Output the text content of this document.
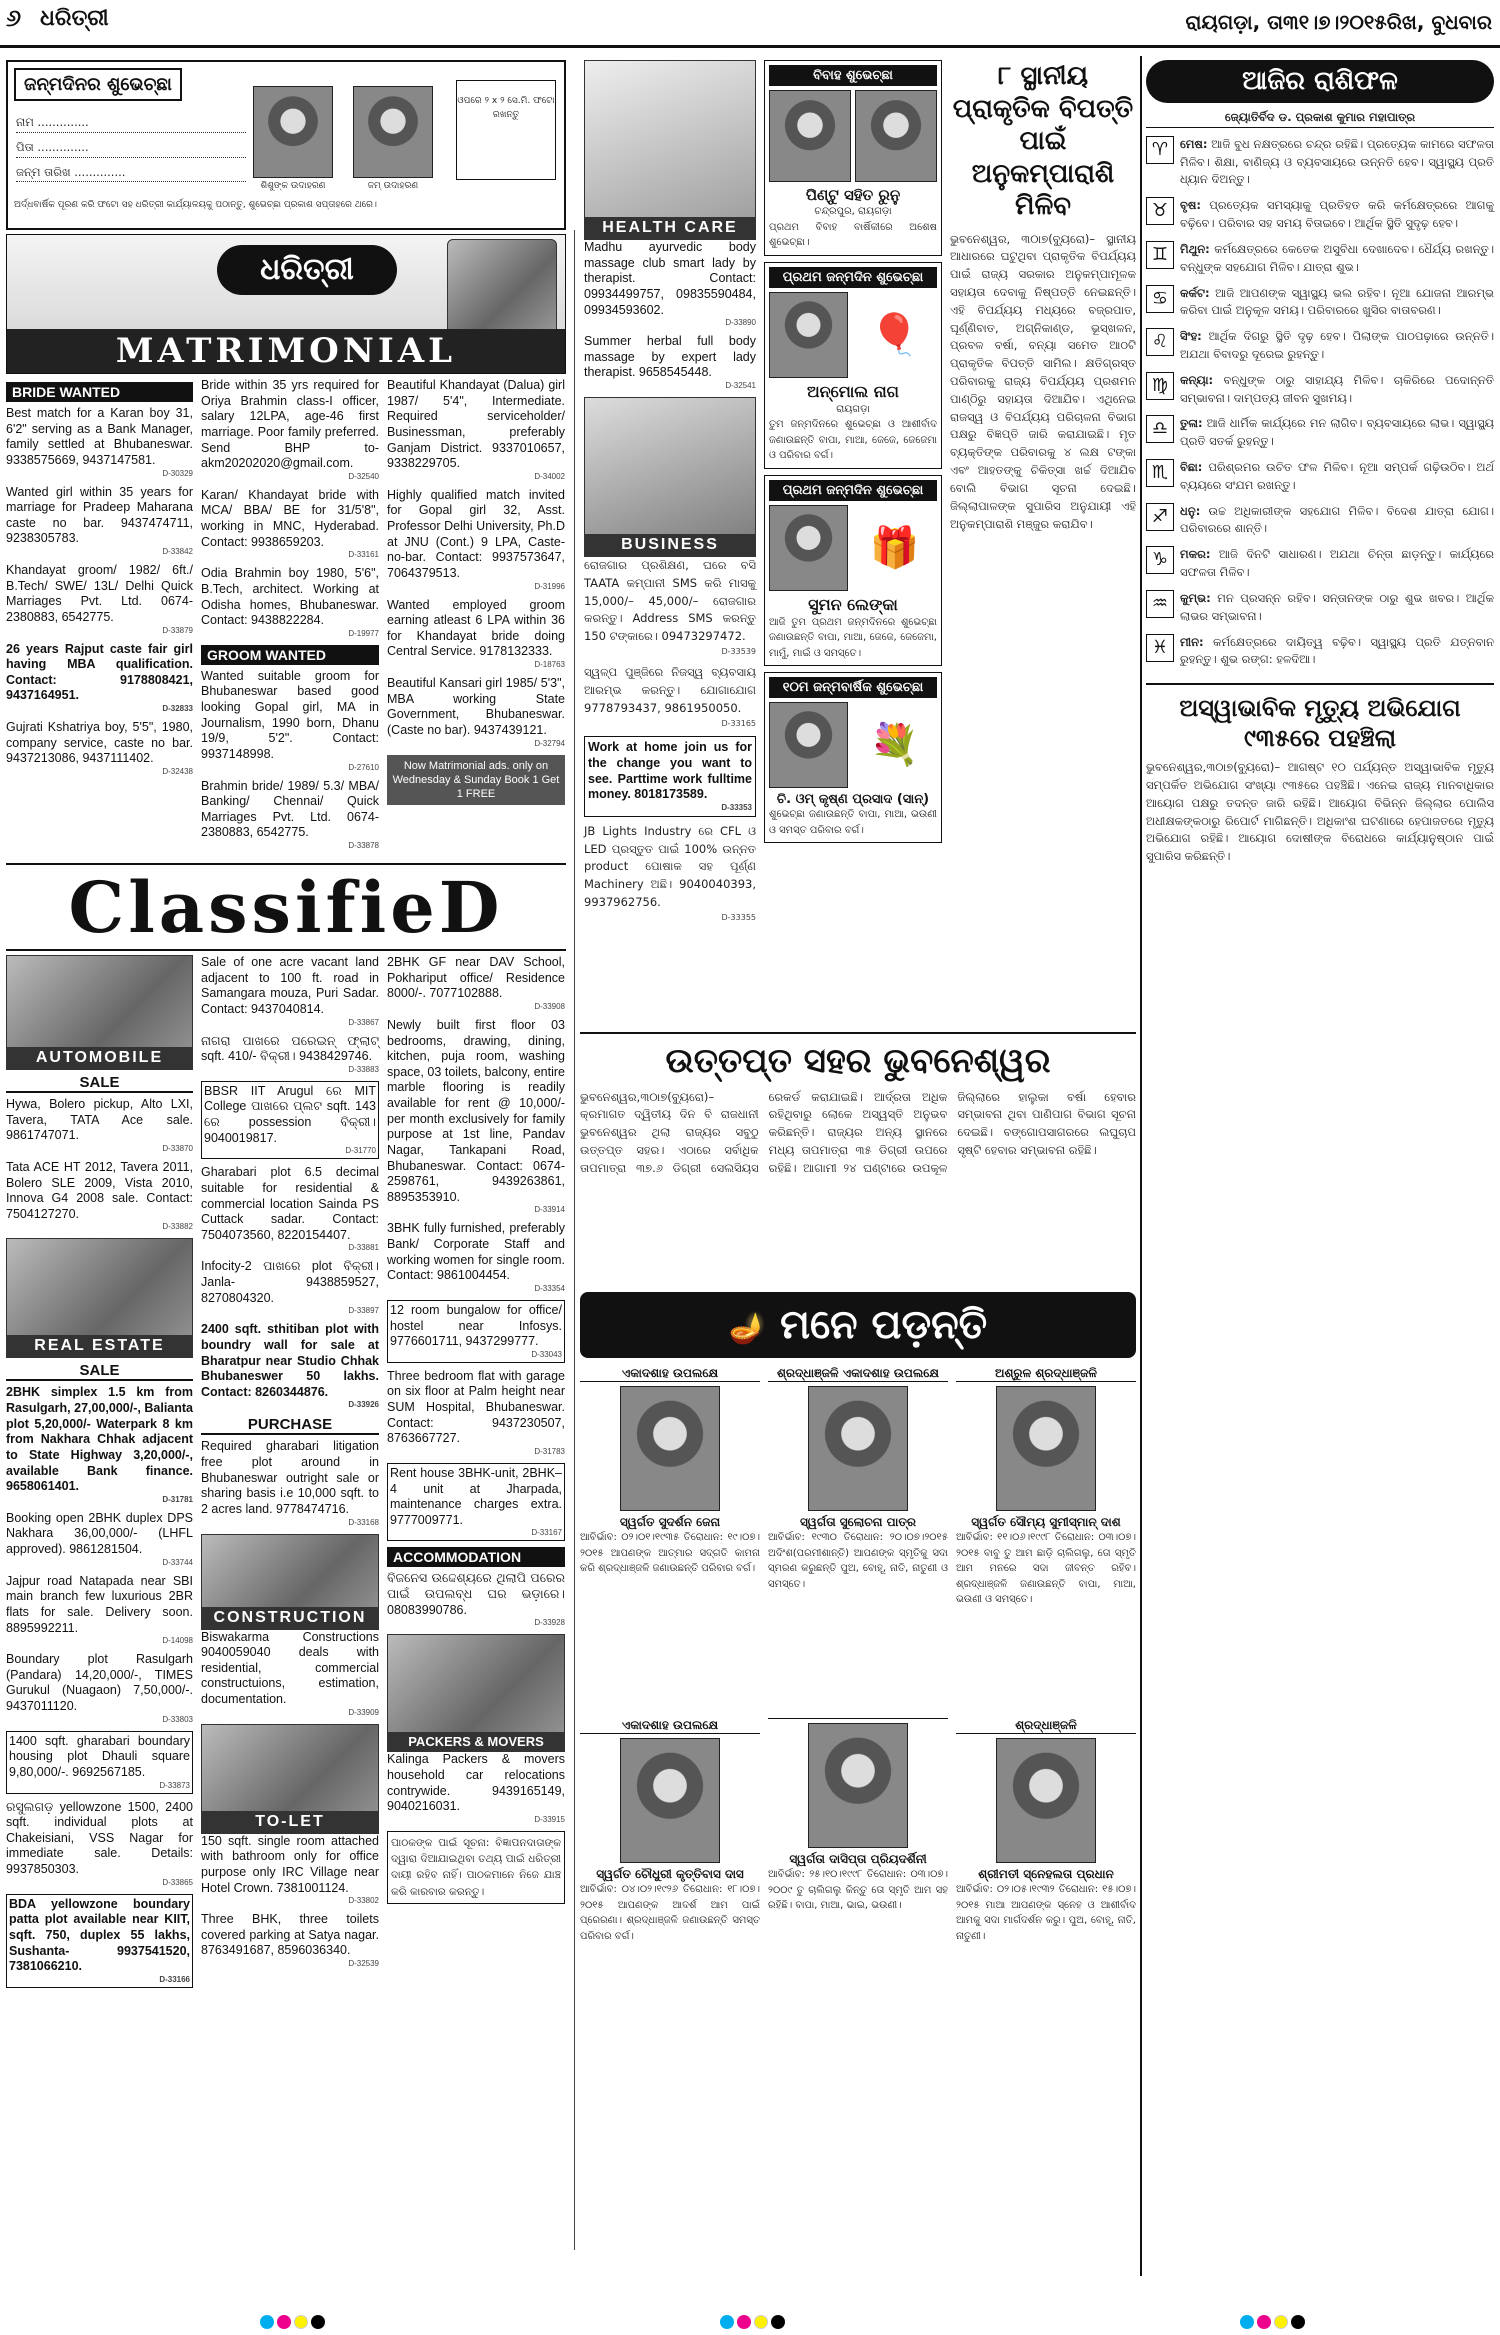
୬ ଧରିତ୍ରୀ	ରାୟଗଡ଼ା, ତା୩୧।୭।୨୦୧୫ରିଖ, ବୁଧବାର
ଜନ୍ମଦିନର ଶୁଭେଚ୍ଛା
ନାମ ..............
ପିତା ..............
ଜନ୍ମ ତାରିଖ ..............
ଶିଶୁଙ୍କ ଉଦାହରଣ	ଜମ୍ ଉଦାହରଣ
ଓପରେ ୨ x ୨ ସେ.ମି. ଫଟୋ ରଖନ୍ତୁ
ଅର୍ଦ୍ଧବାର୍ଷିକ ପୂରଣ କରି ଫଟୋ ସହ ଧରିତ୍ରୀ କାର୍ଯ୍ୟାଳୟକୁ ପଠାନ୍ତୁ, ଶୁଭେଚ୍ଛା ପ୍ରକାଶ ସପ୍ତାହରେ ଥରେ।
ଧରିତ୍ରୀ
MATRIMONIAL
BRIDE WANTED
Best match for a Karan boy 31, 6'2" serving as a Bank Manager, family settled at Bhubaneswar. 9338575669, 9437147581.
D-30329
Wanted girl within 35 years for marriage for Pradeep Maharana caste no bar. 9437474711, 9238305783.
D-33842
Khandayat groom/ 1982/ 6ft./ B.Tech/ SWE/ 13L/ Delhi Quick Marriages Pvt. Ltd. 0674-2380883, 6542775.
D-33879
26 years Rajput caste fair girl having MBA qualification. Contact: 9178808421, 9437164951.
D-32833
Gujrati Kshatriya boy, 5'5", 1980, company service, caste no bar. 9437213086, 9437111402.
D-32438
Bride within 35 yrs required for Oriya Brahmin class-I officer, salary 12LPA, age-46 first marriage. Poor family preferred. Send BHP to- akm20202020@gmail.com.
D-32540
Karan/ Khandayat bride with MCA/ BBA/ BE for 31/5'8", working in MNC, Hyderabad. Contact: 9938659203.
D-33161
Odia Brahmin boy 1980, 5'6", B.Tech, architect. Working at Odisha homes, Bhubaneswar. Contact: 9438822284.
D-19977
GROOM WANTED
Wanted suitable groom for Bhubaneswar based good looking Gopal girl, MA in Journalism, 1990 born, Dhanu 19/9, 5'2". Contact: 9937148998.
D-27610
Brahmin bride/ 1989/ 5.3/ MBA/ Banking/ Chennai/ Quick Marriages Pvt. Ltd. 0674-2380883, 6542775.
D-33878
Beautiful Khandayat (Dalua) girl 1987/ 5'4", Intermediate. Required serviceholder/ Businessman, preferably Ganjam District. 9337010657, 9338229705.
D-34002
Highly qualified match invited for Gopal girl 32, Asst. Professor Delhi University, Ph.D at JNU (Cont.) 9 LPA, Caste-no-bar. Contact: 9937573647, 7064379513.
D-31996
Wanted employed groom earning atleast 6 LPA within 36 for Khandayat bride doing Central Service. 9178132333.
D-18763
Beautiful Kansari girl 1985/ 5'3", MBA working State Government, Bhubaneswar. (Caste no bar). 9437439121.
D-32794
Now Matrimonial ads. only on Wednesday & Sunday Book 1 Get 1 FREE
ClassifieD
AUTOMOBILE
SALE
Hywa, Bolero pickup, Alto LXI, Tavera, TATA Ace sale. 9861747071.
D-33870
Tata ACE HT 2012, Tavera 2011, Bolero SLE 2009, Vista 2010, Innova G4 2008 sale. Contact: 7504127270.
D-33882
REAL ESTATE
SALE
2BHK simplex 1.5 km from Rasulgarh, 27,00,000/-, Balianta plot 5,20,000/- Waterpark 8 km from Nakhara Chhak adjacent to State Highway 3,20,000/-, available Bank finance. 9658061401.
D-31781
Booking open 2BHK duplex DPS Nakhara 36,00,000/- (LHFL approved). 9861281504.
D-33744
Jajpur road Natapada near SBI main branch few luxurious 2BR flats for sale. Delivery soon. 8895992211.
D-14098
Boundary plot Rasulgarh (Pandara) 14,20,000/-, TIMES Gurukul (Nuagaon) 7,50,000/-. 9437011120.
D-33803
1400 sqft. gharabari boundary housing plot Dhauli square 9,80,000/-. 9692567185.
D-33873
ରସୁଲଗଡ଼ yellowzone 1500, 2400 sqft. individual plots at Chakeisiani, VSS Nagar for immediate sale. Details: 9937850303.
D-33865
BDA yellowzone boundary patta plot available near KIIT, sqft. 750, duplex 55 lakhs, Sushanta- 9937541520, 7381066210.
D-33166
Sale of one acre vacant land adjacent to 100 ft. road in Samangara mouza, Puri Sadar. Contact: 9437040814.
D-33867
ନାଗରା ପାଖରେ ପରେଇନ୍ ଫ୍ଲାଟ୍ sqft. 410/- ବିକ୍ରୀ। 9438429746.
D-33883
BBSR IIT Arugul ରେ MIT College ପାଖରେ ପ୍ଲଟ sqft. 143 ରେ possession ବିକ୍ରୀ। 9040019817.
D-31770
Gharabari plot 6.5 decimal suitable for residential & commercial location Sainda PS Cuttack sadar. Contact: 7504073560, 8220154407.
D-33881
Infocity-2 ପାଖରେ plot ବିକ୍ରୀ। Janla- 9438859527, 8270804320.
D-33897
2400 sqft. sthitiban plot with boundry wall for sale at Bharatpur near Studio Chhak Bhubaneswer 50 lakhs. Contact: 8260344876.
D-33926
PURCHASE
Required gharabari litigation free plot around in Bhubaneswar outright sale or sharing basis i.e 10,000 sqft. to 2 acres land. 9778474716.
D-33168
CONSTRUCTION
Biswakarma Constructions 9040059040 deals with residential, commercial constructuions, estimation, documentation.
D-33909
TO-LET
150 sqft. single room attached with bathroom only for office purpose only IRC Village near Hotel Crown. 7381001124.
D-33802
Three BHK, three toilets covered parking at Satya nagar. 8763491687, 8596036340.
D-32539
2BHK GF near DAV School, Pokhariput office/ Residence 8000/-. 7077102888.
D-33908
Newly built first floor 03 bedrooms, drawing, dining, kitchen, puja room, washing space, 03 toilets, balcony, entire marble flooring is readily available for rent @ 10,000/- per month exclusively for family purpose at 1st line, Pandav Nagar, Tankapani Road, Bhubaneswar. Contact: 0674-2598761, 9439263861, 8895353910.
D-33914
3BHK fully furnished, preferably Bank/ Corporate Staff and working women for single room. Contact: 9861004454.
D-33354
12 room bungalow for office/ hostel near Infosys. 9776601711, 9437299777.
D-33043
Three bedroom flat with garage on six floor at Palm height near SUM Hospital, Bhubaneswar. Contact: 9437230507, 8763667727.
D-31783
Rent house 3BHK-unit, 2BHK– 4 unit at Jharpada, maintenance charges extra. 9777009771.
D-33167
ACCOMMODATION
ବିଜନେସ ଉଦ୍ଦେଶ୍ୟରେ ଥିଲାପି ପରେର ପାଇଁ ଉପଲବ୍ଧ ଘର ଭଡ଼ାରେ। 08083990786.
D-33928
PACKERS & MOVERS
Kalinga Packers & movers household car relocations contrywide. 9439165149, 9040216031.
D-33915
ପାଠକଙ୍କ ପାଇଁ ସୂଚନା: ବିଜ୍ଞାପନଦାତାଙ୍କ ଦ୍ୱାରା ଦିଆଯାଇଥିବା ତଥ୍ୟ ପାଇଁ ଧରିତ୍ରୀ ଦାୟୀ ରହିବ ନାହିଁ। ପାଠକମାନେ ନିଜେ ଯାଞ୍ଚ କରି କାରବାର କରନ୍ତୁ।
HEALTH CARE
Madhu ayurvedic body massage club smart lady by therapist. Contact: 09934499757, 09835590484, 09934593602.
D-33890
Summer herbal full body massage by expert lady therapist. 9658545448.
D-32541
BUSINESS
ରୋଜଗାର ପ୍ରଶିକ୍ଷଣ, ଘରେ ବସି TAATA କମ୍ପାନୀ SMS କରି ମାସକୁ 15,000/– 45,000/– ରୋଜଗାର କରନ୍ତୁ। Address SMS କରନ୍ତୁ 150 ଟଙ୍କାରେ। 09473297472.
D-33539
ସ୍ୱଳ୍ପ ପୁଞ୍ଜିରେ ନିଜସ୍ୱ ବ୍ୟବସାୟ ଆରମ୍ଭ କରନ୍ତୁ। ଯୋଗାଯୋଗ 9778793437, 9861950050.
D-33165
Work at home join us for the change you want to see. Parttime work fulltime money. 8018173589.
D-33353
JB Lights Industry ରେ CFL ଓ LED ପ୍ରସ୍ତୁତ ପାଇଁ 100% ଉନ୍ନତ product ପୋଷାକ ସହ ପୂର୍ଣ୍ଣ Machinery ଅଛି। 9040040393, 9937962756.
D-33355
ବିବାହ ଶୁଭେଚ୍ଛା
ପିଣ୍ଟୁ ସହିତ ରୁନୁ
ଚନ୍ଦ୍ରପୁର, ରାୟଗଡ଼ା
ପ୍ରଥମ ବିବାହ ବାର୍ଷିକୀରେ ଅଶେଷ ଶୁଭେଚ୍ଛା।
ପ୍ରଥମ ଜନ୍ମଦିନ ଶୁଭେଚ୍ଛା
🎈
ଅନ୍‌ମୋଲ ନାଗ
ରାୟଗଡ଼ା
ତୁମ ଜନ୍ମଦିନରେ ଶୁଭେଚ୍ଛା ଓ ଆଶୀର୍ବାଦ ଜଣାଉଛନ୍ତି ବାପା, ମାଆ, ଜେଜେ, ଜେଜେମା ଓ ପରିବାର ବର୍ଗ।
ପ୍ରଥମ ଜନ୍ମଦିନ ଶୁଭେଚ୍ଛା
🎁
ସୁମନ ଲେଙ୍କା
ଆଜି ତୁମ ପ୍ରଥମ ଜନ୍ମଦିନରେ ଶୁଭେଚ୍ଛା ଜଣାଉଛନ୍ତି ବାପା, ମାଆ, ଜେଜେ, ଜେଜେମା, ମାମୁଁ, ମାଇଁ ଓ ସମସ୍ତେ।
୧୦ମ ଜନ୍ମବାର୍ଷିକ ଶୁଭେଚ୍ଛା
💐
ଚି. ଓମ୍ କୃଷ୍ଣ ପ୍ରସାଦ (ସାନ୍)
ଶୁଭେଚ୍ଛା ଜଣାଉଛନ୍ତି ବାପା, ମାଆ, ଭଉଣୀ ଓ ସମସ୍ତ ପରିବାର ବର୍ଗ।
୮ ସ୍ଥାନୀୟ ପ୍ରାକୃତିକ ବିପତ୍ତି ପାଇଁ ଅନୁକମ୍ପାରାଶି ମିଳିବ
ଭୁବନେଶ୍ୱର, ୩୦ା୭(ବ୍ୟୁରୋ)– ସ୍ଥାନୀୟ ଆଧାରରେ ଘଟୁଥିବା ପ୍ରାକୃତିକ ବିପର୍ଯ୍ୟୟ ପାଇଁ ରାଜ୍ୟ ସରକାର ଅନୁକମ୍ପାମୂଳକ ସହାୟତା ଦେବାକୁ ନିଷ୍ପତ୍ତି ନେଇଛନ୍ତି। ଏହି ବିପର୍ଯ୍ୟୟ ମଧ୍ୟରେ ବଜ୍ରପାତ, ଘୂର୍ଣ୍ଣିବାତ, ଅଗ୍ନିକାଣ୍ଡ, ଭୂସ୍ଖଳନ, ପ୍ରବଳ ବର୍ଷା, ବନ୍ୟା ସମେତ ଆଠଟି ପ୍ରାକୃତିକ ବିପତ୍ତି ସାମିଲ। କ୍ଷତିଗ୍ରସ୍ତ ପରିବାରକୁ ରାଜ୍ୟ ବିପର୍ଯ୍ୟୟ ପ୍ରଶମନ ପାଣ୍ଠିରୁ ସହାୟତା ଦିଆଯିବ। ଏଥିନେଇ ରାଜସ୍ୱ ଓ ବିପର୍ଯ୍ୟୟ ପରିଚାଳନା ବିଭାଗ ପକ୍ଷରୁ ବିଜ୍ଞପ୍ତି ଜାରି କରାଯାଇଛି। ମୃତ ବ୍ୟକ୍ତିଙ୍କ ପରିବାରକୁ ୪ ଲକ୍ଷ ଟଙ୍କା ଏବଂ ଆହତଙ୍କୁ ଚିକିତ୍ସା ଖର୍ଚ୍ଚ ଦିଆଯିବ ବୋଲି ବିଭାଗ ସୂଚନା ଦେଇଛି। ଜିଲ୍ଲାପାଳଙ୍କ ସୁପାରିସ ଅନୁଯାୟୀ ଏହି ଅନୁକମ୍ପାରାଶି ମଞ୍ଜୁର କରାଯିବ।
ଉତ୍ତପ୍ତ ସହର ଭୁବନେଶ୍ୱର
ଭୁବନେଶ୍ୱର,୩୦ା୭(ବ୍ୟୁରୋ)– କ୍ରମାଗତ ଦ୍ୱିତୀୟ ଦିନ ବି ରାଜଧାନୀ ଭୁବନେଶ୍ୱର ଥିଲା ରାଜ୍ୟର ସବୁଠୁ ଉତ୍ତପ୍ତ ସହର। ଏଠାରେ ସର୍ବାଧିକ ତାପମାତ୍ରା ୩୭.୬ ଡିଗ୍ରୀ ସେଲସିୟସ ରେକର୍ଡ କରାଯାଇଛି। ଆର୍ଦ୍ରତା ଅଧିକ ରହିଥିବାରୁ ଲୋକେ ଅସ୍ୱସ୍ତି ଅନୁଭବ କରିଛନ୍ତି। ରାଜ୍ୟର ଅନ୍ୟ ସ୍ଥାନରେ ମଧ୍ୟ ତାପମାତ୍ରା ୩୫ ଡିଗ୍ରୀ ଉପରେ ରହିଛି। ଆଗାମୀ ୨୪ ଘଣ୍ଟାରେ ଉପକୂଳ ଜିଲ୍ଲାରେ ହାଲୁକା ବର୍ଷା ହେବାର ସମ୍ଭାବନା ଥିବା ପାଣିପାଗ ବିଭାଗ ସୂଚନା ଦେଇଛି। ବଙ୍ଗୋପସାଗରରେ ଲଘୁଚାପ ସୃଷ୍ଟି ହେବାର ସମ୍ଭାବନା ରହିଛି।
🪔 ମନେ ପଡ଼ନ୍ତି
ଏକାଦଶାହ ଉପଲକ୍ଷେ
ସ୍ୱର୍ଗତ ସୁଦର୍ଶନ ଜେନା
ଆବିର୍ଭାବ: ୦୨।୦୧।୧୯୩୫ ତିରୋଧାନ: ୧୯।୦୭।୨୦୧୫ ଆପଣଙ୍କ ଆତ୍ମାର ସଦ୍‌ଗତି କାମନା କରି ଶ୍ରଦ୍ଧାଞ୍ଜଳି ଜଣାଉଛନ୍ତି ପରିବାର ବର୍ଗ।
ଶ୍ରଦ୍ଧାଞ୍ଜଳି ଏକାଦଶାହ ଉପଲକ୍ଷେ
ସ୍ୱର୍ଗତା ସୁଲୋଚନା ପାତ୍ର
ଆବିର୍ଭାବ: ୧୯୩୦ ତିରୋଧାନ: ୨୦।୦୭।୨୦୧୫ ଅଦିଂଶ(ପରମୀଶାନ୍ତି) ଆପଣଙ୍କ ସ୍ମୃତିକୁ ସଦା ସ୍ମରଣ କରୁଛନ୍ତି ପୁଅ, ବୋହୂ, ନାତି, ନାତୁଣୀ ଓ ସମସ୍ତେ।
ଅଶ୍ରୁଳ ଶ୍ରଦ୍ଧାଞ୍ଜଳି
ସ୍ୱର୍ଗତ ସୌମ୍ୟ ସୁମୀସ୍ମାନ୍ ଦାଶ
ଆବିର୍ଭାବ: ୧୧।୦୬।୧୯୯୮ ତିରୋଧାନ: ୦୩।୦୭।୨୦୧୫ ବାବୁ ତୁ ଆମ ଛାଡ଼ି ଚାଲିଗଲୁ, ତୋ ସ୍ମୃତି ଆମ ମନରେ ସଦା ଜୀବନ୍ତ ରହିବ। ଶ୍ରଦ୍ଧାଞ୍ଜଳି ଜଣାଉଛନ୍ତି ବାପା, ମାଆ, ଭଉଣୀ ଓ ସମସ୍ତେ।
ଏକାଦଶାହ ଉପଲକ୍ଷେ
ସ୍ୱର୍ଗତ ଚୌଧୁରୀ କୃତ୍ତିବାସ ଦାସ
ଆବିର୍ଭାବ: ୦୪।୦୨।୧୯୨୬ ତିରୋଧାନ: ୧୮।୦୭।୨୦୧୫ ଆପଣଙ୍କ ଆଦର୍ଶ ଆମ ପାଇଁ ପ୍ରେରଣା। ଶ୍ରଦ୍ଧାଞ୍ଜଳି ଜଣାଉଛନ୍ତି ସମସ୍ତ ପରିବାର ବର୍ଗ।
ସ୍ୱର୍ଗତା ଦାସିପ୍ତା ପ୍ରିୟଦର୍ଶିନୀ
ଆବିର୍ଭାବ: ୨୫।୧୦।୧୯୯୮ ତିରୋଧାନ: ୦୩।୦୭।୨୦୦୯ ତୁ ଚାଲିଗଲୁ କିନ୍ତୁ ତୋ ସ୍ମୃତି ଆମ ସହ ରହିଛି। ବାପା, ମାଆ, ଭାଇ, ଭଉଣୀ।
ଶ୍ରଦ୍ଧାଞ୍ଜଳି
ଶ୍ରୀମତୀ ସ୍ନେହଲତା ପ୍ରଧାନ
ଆବିର୍ଭାବ: ୦୨।୦୫।୧୯୩୨ ତିରୋଧାନ: ୧୫।୦୭।୨୦୧୫ ମାଆ ଆପଣଙ୍କ ସ୍ନେହ ଓ ଆଶୀର୍ବାଦ ଆମକୁ ସଦା ମାର୍ଗଦର୍ଶନ କରୁ। ପୁଅ, ବୋହୂ, ନାତି, ନାତୁଣୀ।
ଆଜିର ରାଶିଫଳ
ଜ୍ୟୋତିର୍ବିଦ ଡ. ପ୍ରକାଶ କୁମାର ମହାପାତ୍ର
♈	ମେଷ: ଆଜି ବୁଧ ନକ୍ଷତ୍ରରେ ଚନ୍ଦ୍ର ରହିଛି। ପ୍ରତ୍ୟେକ କାମରେ ସଫଳତା ମିଳିବ। ଶିକ୍ଷା, ବାଣିଜ୍ୟ ଓ ବ୍ୟବସାୟରେ ଉନ୍ନତି ହେବ। ସ୍ୱାସ୍ଥ୍ୟ ପ୍ରତି ଧ୍ୟାନ ଦିଅନ୍ତୁ।
♉	ବୃଷ: ପ୍ରତ୍ୟେକ ସମସ୍ୟାକୁ ପ୍ରତିହତ କରି କର୍ମକ୍ଷେତ୍ରରେ ଆଗକୁ ବଢ଼ିବେ। ପରିବାର ସହ ସମୟ ବିତାଇବେ। ଆର୍ଥିକ ସ୍ଥିତି ସୁଦୃଢ଼ ହେବ।
♊	ମିଥୁନ: କର୍ମକ୍ଷେତ୍ରରେ କେତେକ ଅସୁବିଧା ଦେଖାଦେବ। ଧୈର୍ଯ୍ୟ ରଖନ୍ତୁ। ବନ୍ଧୁଙ୍କ ସହଯୋଗ ମିଳିବ। ଯାତ୍ରା ଶୁଭ।
♋	କର୍କଟ: ଆଜି ଆପଣଙ୍କ ସ୍ୱାସ୍ଥ୍ୟ ଭଲ ରହିବ। ନୂଆ ଯୋଜନା ଆରମ୍ଭ କରିବା ପାଇଁ ଅନୁକୂଳ ସମୟ। ପରିବାରରେ ଖୁସିର ବାତାବରଣ।
♌	ସିଂହ: ଆର୍ଥିକ ଦିଗରୁ ସ୍ଥିତି ଦୃଢ଼ ହେବ। ପିଲାଙ୍କ ପାଠପଢ଼ାରେ ଉନ୍ନତି। ଅଯଥା ବିବାଦରୁ ଦୂରେଇ ରୁହନ୍ତୁ।
♍	କନ୍ୟା: ବନ୍ଧୁଙ୍କ ଠାରୁ ସାହାଯ୍ୟ ମିଳିବ। ଚାକିରିରେ ପଦୋନ୍ନତି ସମ୍ଭାବନା। ଦାମ୍ପତ୍ୟ ଜୀବନ ସୁଖମୟ।
♎	ତୁଳା: ଆଜି ଧାର୍ମିକ କାର୍ଯ୍ୟରେ ମନ ଲାଗିବ। ବ୍ୟବସାୟରେ ଲାଭ। ସ୍ୱାସ୍ଥ୍ୟ ପ୍ରତି ସତର୍କ ରୁହନ୍ତୁ।
♏	ବିଛା: ପରିଶ୍ରମର ଉଚିତ ଫଳ ମିଳିବ। ନୂଆ ସମ୍ପର୍କ ଗଢ଼ିଉଠିବ। ଅର୍ଥ ବ୍ୟୟରେ ସଂଯମ ରଖନ୍ତୁ।
♐	ଧନୁ: ଉଚ୍ଚ ଅଧିକାରୀଙ୍କ ସହଯୋଗ ମିଳିବ। ବିଦେଶ ଯାତ୍ରା ଯୋଗ। ପରିବାରରେ ଶାନ୍ତି।
♑	ମକର: ଆଜି ଦିନଟି ସାଧାରଣ। ଅଯଥା ଚିନ୍ତା ଛାଡ଼ନ୍ତୁ। କାର୍ଯ୍ୟରେ ସଫଳତା ମିଳିବ।
♒	କୁମ୍ଭ: ମନ ପ୍ରସନ୍ନ ରହିବ। ସନ୍ତାନଙ୍କ ଠାରୁ ଶୁଭ ଖବର। ଆର୍ଥିକ ଲାଭର ସମ୍ଭାବନା।
♓	ମୀନ: କର୍ମକ୍ଷେତ୍ରରେ ଦାୟିତ୍ୱ ବଢ଼ିବ। ସ୍ୱାସ୍ଥ୍ୟ ପ୍ରତି ଯତ୍ନବାନ ରୁହନ୍ତୁ। ଶୁଭ ରଙ୍ଗ: ହଳଦିଆ।
ଅସ୍ୱାଭାବିକ ମୃତ୍ୟୁ ଅଭିଯୋଗ ୯୩୫ରେ ପହଞ୍ଚିଲା
ଭୁବନେଶ୍ୱର,୩୦ା୭(ବ୍ୟୁରୋ)– ଆଗଷ୍ଟ ୧୦ ପର୍ଯ୍ୟନ୍ତ ଅସ୍ୱାଭାବିକ ମୃତ୍ୟୁ ସମ୍ପର୍କିତ ଅଭିଯୋଗ ସଂଖ୍ୟା ୯୩୫ରେ ପହଞ୍ଚିଛି। ଏନେଇ ରାଜ୍ୟ ମାନବାଧିକାର ଆୟୋଗ ପକ୍ଷରୁ ତଦନ୍ତ ଜାରି ରହିଛି। ଆୟୋଗ ବିଭିନ୍ନ ଜିଲ୍ଲାର ପୋଲିସ ଅଧୀକ୍ଷକଙ୍କଠାରୁ ରିପୋର୍ଟ ମାଗିଛନ୍ତି। ଅଧିକାଂଶ ଘଟଣାରେ ହେପାଜତରେ ମୃତ୍ୟୁ ଅଭିଯୋଗ ରହିଛି। ଆୟୋଗ ଦୋଷୀଙ୍କ ବିରୋଧରେ କାର୍ଯ୍ୟାନୁଷ୍ଠାନ ପାଇଁ ସୁପାରିସ କରିଛନ୍ତି।
